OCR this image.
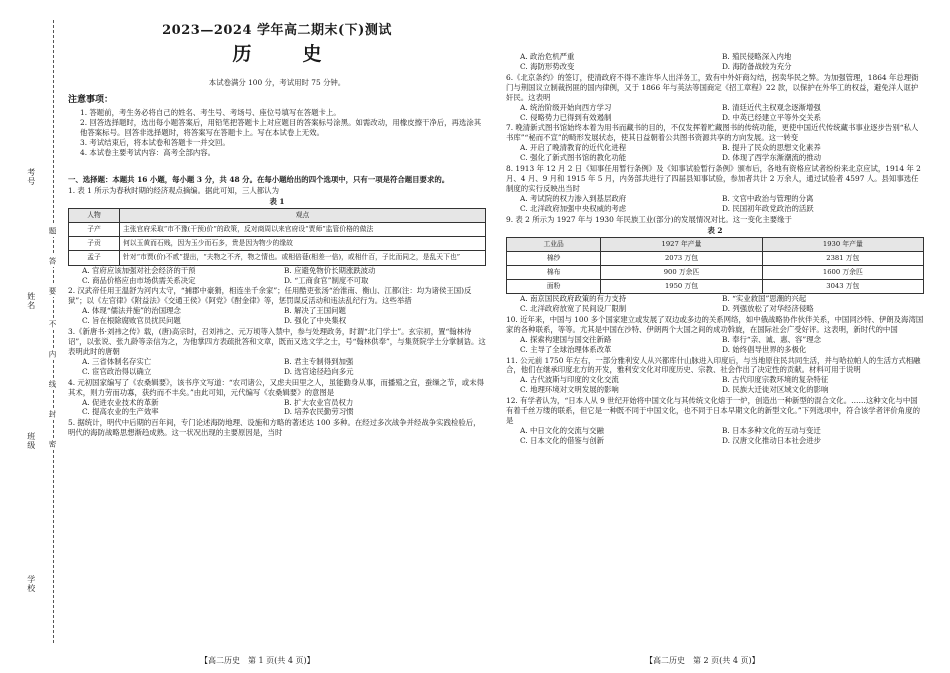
考号
姓名
班级
学校
题
答
要
不
内
线
封
密
2023—2024 学年高二期末(下)测试
历　史

本试卷满分 100 分，考试用时 75 分钟。

注意事项：

1. 答题前，考生务必将自己的姓名、考生号、考场号、座位号填写在答题卡上。

2. 回答选择题时，选出每小题答案后，用铅笔把答题卡上对应题目的答案标号涂黑。如需改动，用橡皮擦干净后，再选涂其他答案标号。回答非选择题时，将答案写在答题卡上。写在本试卷上无效。

3. 考试结束后，将本试卷和答题卡一并交回。

4. 本试卷主要考试内容：高考全部内容。

一、选择题：本题共 16 小题，每小题 3 分，共 48 分。在每小题给出的四个选项中，只有一项是符合题目要求的。

1. 表 1 所示为春秋时期的经济观点摘编。据此可知，三人都认为

表 1
人物	观点
子产	主张官府采取“市不豫(干预)价”的政策，反对商周以来官府设“贾师”监管价格的做法
子贡	何以玉黄而石贱，因为玉少而石多，贵是因为物少的缘故
孟子	针对“市贾(价)不贰”提出，“夫物之不齐，物之情也。或相倍蓰(相差一倍)，或相什百，子比而同之，是乱天下也”
A. 官府应该加强对社会经济的干预	B. 应避免物价长期涨跌波动
C. 商品价格应由市场供需关系决定	D. “工商食官”制度不可取

2. 汉武帝任用王温舒为河内太守，“捕郡中豪猾，相连坐千余家”；任用酷吏张汤“治淮南、衡山、江都(注：均为诸侯王国)反狱”；以《左官律》《附益法》《交通王侯》《阿党》《酎金律》等，惩罚谋反活动和违法乱纪行为。这些举措

A. 体现“儒法并施”的治国理念	B. 解决了王国问题
C. 旨在根除腐败官员扰民问题	D. 强化了中央集权

3.《新唐书·刘祎之传》载，(唐)高宗时，召刘祎之、元万顷等入禁中，参与处理政务，时谓“北门学士”。玄宗初，置“翰林待诏”，以张说、张九龄等亲信为之，为他掌四方表疏批答和文章，既而又选文学之士，号“翰林供奉”，与集贤院学士分掌制诰。这表明此时的唐朝

A. 三省体制名存实亡	B. 君主专制得到加强
C. 宦官政治得以确立	D. 选官途径趋向多元

4. 元初国家编写了《农桑辑要》，该书序文写道：“农司诸公，又虑夫田里之人，虽能勤身从事，而播殖之宜，蚕缲之节，或未得其术，则力劳而功寡，获约而不丰矣。”由此可知，元代编写《农桑辑要》的意图是

A. 促进农业技术的革新	B. 扩大农业官员权力
C. 提高农业的生产效率	D. 培养农民勤劳习惯

5. 据统计，明代中后期的百年间，专门论述海防地理、设施和方略的著述达 100 多种。在经过多次战争并经战争实践检验后，明代的海防战略思想渐趋成熟。这一状况出现的主要原因是，当时

A. 政治危机严重	B. 殖民侵略深入内地
C. 海防形势改变	D. 海防备战较为充分

6.《北京条约》的签订，使清政府不得不准许华人出洋务工，致有中外奸商勾结，拐卖华民之弊。为加强管理，1864 年总理衙门与荆国议立制裁拐匪的国内律例，又于 1866 年与英法等国商定《招工章程》22 款，以保护在外华工的权益，避免洋人诓护奸民。这表明

A. 统治阶级开始向西方学习	B. 清廷近代主权观念逐渐增强
C. 侵略势力已得到有效遏制	D. 中英已经建立平等外交关系

7. 晚清新式图书馆始终本着为用书而藏书的目的，不仅发挥着贮藏图书的传统功能，更使中国近代传统藏书事业逐步告别“私人书库”“秘而不宣”的畸形发展状态，使其日益朝着公共图书资源共享的方向发展。这一转变

A. 开启了晚清教育的近代化进程	B. 提升了民众的思想文化素养
C. 强化了新式图书馆的教化功能	D. 体现了西学东渐潮流的推动

8. 1913 年 12 月 2 日《知事任用暂行条例》及《知事试验暂行条例》颁布后，各地有资格应试者纷纷来北京应试，1914 年 2 月、4 月、9 月和 1915 年 5 月，内务部共进行了四届县知事试验，参加者共计 2 万余人，通过试验者 4597 人。县知事选任制度的实行反映出当时

A. 考试院的权力渗入到基层政府	B. 文官中政治与管理的分离
C. 北洋政府加强中央权威的考虑	D. 民国初年政党政治的活跃

9. 表 2 所示为 1927 年与 1930 年民族工业(部分)的发展情况对比。这一变化主要缘于

表 2
工业品	1927 年产量	1930 年产量
棉纱	2073 万包	2381 万包
棉布	900 万余匹	1600 万余匹
面粉	1950 万包	3043 万包
A. 南京国民政府政策的有力支持	B. “实业救国”思潮的兴起
C. 北洋政府放宽了民间设厂限制	D. 列强放松了对华经济侵略

10. 近年来，中国与 100 多个国家建立或发展了双边或多边的关系网络，如中俄战略协作伙伴关系，中国同沙特、伊朗及海湾国家的各种联系，等等。尤其是中国在沙特、伊朗两个大国之间的成功斡旋，在国际社会广受好评。这表明，新时代的中国

A. 探索构建国与国交往新路	B. 奉行“亲、诚、惠、容”理念
C. 主导了全球治理体系改革	D. 始终倡导世界的多极化

11. 公元前 1750 年左右，一部分雅利安人从兴都库什山脉进入印度后，与当地原住民共同生活，并与哈拉帕人的生活方式相融合，他们在继承印度北方的开发，雅利安文化对印度历史、宗教、社会作出了决定性的贡献。材料可用于说明

A. 古代波斯与印度的文化交流	B. 古代印度宗教环境的复杂特征
C. 地理环境对文明发展的影响	D. 民族大迁徙对区域文化的影响

12. 有学者认为，“日本人从 9 世纪开始将中国文化与其传统文化熔于一炉，创造出一种新型的混合文化。……这种文化与中国有着千丝万缕的联系，但它是一种既不同于中国文化，也不同于日本早期文化的新型文化。”下列选项中，符合该学者评价角度的是

A. 中日文化的交流与交融	B. 日本多种文化的互动与变迁
C. 日本文化的借鉴与创新	D. 汉唐文化推动日本社会进步
【高二历史　第 1 页(共 4 页)】	【高二历史　第 2 页(共 4 页)】
